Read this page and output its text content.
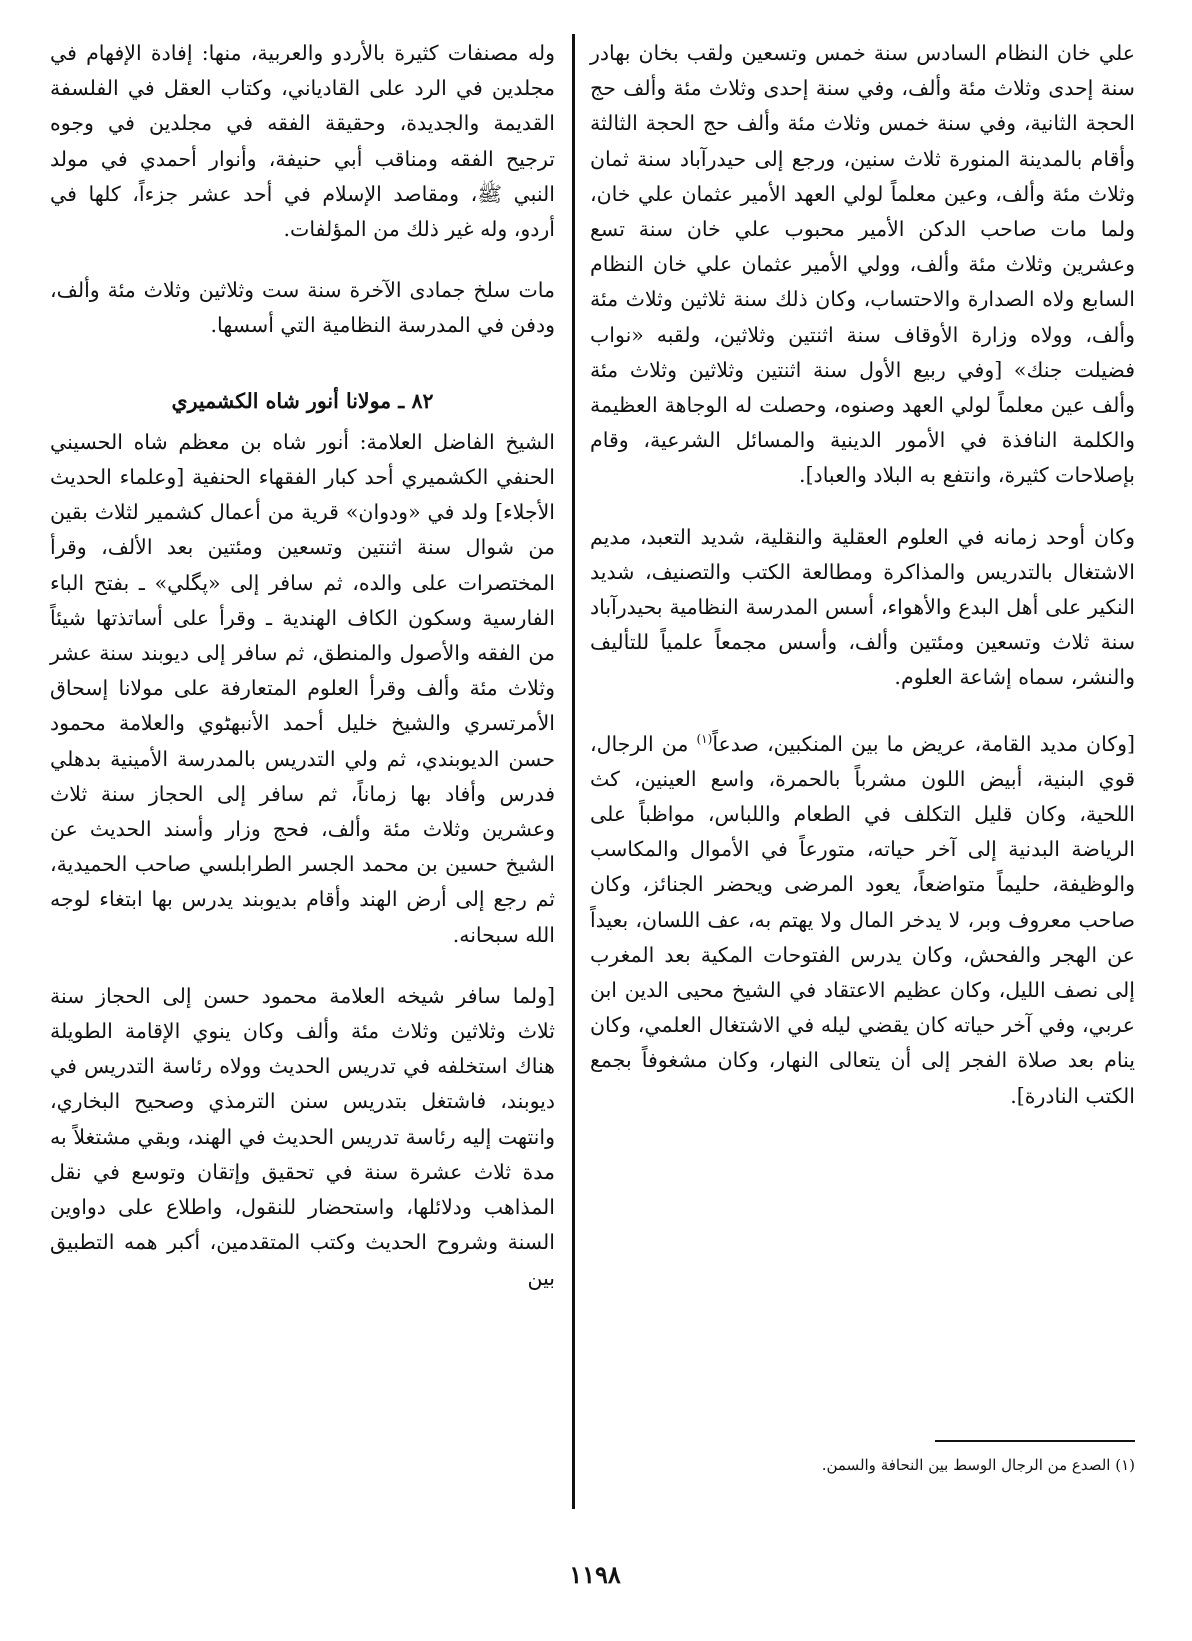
علي خان النظام السادس سنة خمس وتسعين ولقب بخان بهادر سنة إحدى وثلاث مئة وألف، وفي سنة إحدى وثلاث مئة وألف حج الحجة الثانية، وفي سنة خمس وثلاث مئة وألف حج الحجة الثالثة وأقام بالمدينة المنورة ثلاث سنين، ورجع إلى حيدرآباد سنة ثمان وثلاث مئة وألف، وعين معلماً لولي العهد الأمير عثمان علي خان، ولما مات صاحب الدكن الأمير محبوب علي خان سنة تسع وعشرين وثلاث مئة وألف، وولي الأمير عثمان علي خان النظام السابع ولاه الصدارة والاحتساب، وكان ذلك سنة ثلاثين وثلاث مئة وألف، وولاه وزارة الأوقاف سنة اثنتين وثلاثين، ولقبه «نواب فضيلت جنك» [وفي ربيع الأول سنة اثنتين وثلاثين وثلاث مئة وألف عين معلماً لولي العهد وصنوه، وحصلت له الوجاهة العظيمة والكلمة النافذة في الأمور الدينية والمسائل الشرعية، وقام بإصلاحات كثيرة، وانتفع به البلاد والعباد].

وكان أوحد زمانه في العلوم العقلية والنقلية، شديد التعبد، مديم الاشتغال بالتدريس والمذاكرة ومطالعة الكتب والتصنيف، شديد النكير على أهل البدع والأهواء، أسس المدرسة النظامية بحيدرآباد سنة ثلاث وتسعين ومئتين وألف، وأسس مجمعاً علمياً للتأليف والنشر، سماه إشاعة العلوم.

[وكان مديد القامة، عريض ما بين المنكبين، صدعاً$^{(١)}$ من الرجال، قوي البنية، أبيض اللون مشرباً بالحمرة، واسع العينين، كث اللحية، وكان قليل التكلف في الطعام واللباس، مواظباً على الرياضة البدنية إلى آخر حياته، متورعاً في الأموال والمكاسب والوظيفة، حليماً متواضعاً، يعود المرضى ويحضر الجنائز، وكان صاحب معروف وبر، لا يدخر المال ولا يهتم به، عف اللسان، بعيداً عن الهجر والفحش، وكان يدرس الفتوحات المكية بعد المغرب إلى نصف الليل، وكان عظيم الاعتقاد في الشيخ محيى الدين ابن عربي، وفي آخر حياته كان يقضي ليله في الاشتغال العلمي، وكان ينام بعد صلاة الفجر إلى أن يتعالى النهار، وكان مشغوفاً بجمع الكتب النادرة].

وله مصنفات كثيرة بالأردو والعربية، منها: إفادة الإفهام في مجلدين في الرد على القادياني، وكتاب العقل في الفلسفة القديمة والجديدة، وحقيقة الفقه في مجلدين في وجوه ترجيح الفقه ومناقب أبي حنيفة، وأنوار أحمدي في مولد النبي ﷺ، ومقاصد الإسلام في أحد عشر جزءاً، كلها في أردو، وله غير ذلك من المؤلفات.

مات سلخ جمادى الآخرة سنة ست وثلاثين وثلاث مئة وألف، ودفن في المدرسة النظامية التي أسسها.

٨٢ ـ مولانا أنور شاه الكشميري

الشيخ الفاضل العلامة: أنور شاه بن معظم شاه الحسيني الحنفي الكشميري أحد كبار الفقهاء الحنفية [وعلماء الحديث الأجلاء] ولد في «ودوان» قرية من أعمال كشمير لثلاث بقين من شوال سنة اثنتين وتسعين ومئتين بعد الألف، وقرأ المختصرات على والده، ثم سافر إلى «پگلي» ـ بفتح الباء الفارسية وسكون الكاف الهندية ـ وقرأ على أساتذتها شيئاً من الفقه والأصول والمنطق، ثم سافر إلى ديوبند سنة عشر وثلاث مئة وألف وقرأ العلوم المتعارفة على مولانا إسحاق الأمرتسري والشيخ خليل أحمد الأنبهٹوي والعلامة محمود حسن الديوبندي، ثم ولي التدريس بالمدرسة الأمينية بدهلي فدرس وأفاد بها زماناً، ثم سافر إلى الحجاز سنة ثلاث وعشرين وثلاث مئة وألف، فحج وزار وأسند الحديث عن الشيخ حسين بن محمد الجسر الطرابلسي صاحب الحميدية، ثم رجع إلى أرض الهند وأقام بديوبند يدرس بها ابتغاء لوجه الله سبحانه.

[ولما سافر شيخه العلامة محمود حسن إلى الحجاز سنة ثلاث وثلاثين وثلاث مئة وألف وكان ينوي الإقامة الطويلة هناك استخلفه في تدريس الحديث وولاه رئاسة التدريس في ديوبند، فاشتغل بتدريس سنن الترمذي وصحيح البخاري، وانتهت إليه رئاسة تدريس الحديث في الهند، وبقي مشتغلاً به مدة ثلاث عشرة سنة في تحقيق وإتقان وتوسع في نقل المذاهب ودلائلها، واستحضار للنقول، واطلاع على دواوين السنة وشروح الحديث وكتب المتقدمين، أكبر همه التطبيق بين

(١) الصدع من الرجال الوسط بين النحافة والسمن.
١١٩٨
